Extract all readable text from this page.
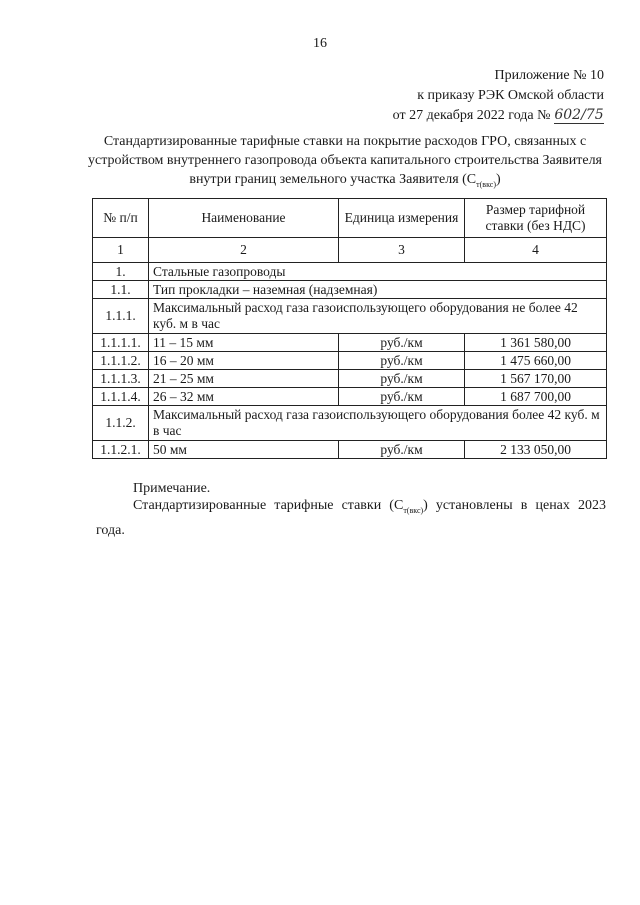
16
Приложение № 10
к приказу РЭК Омской области
от 27 декабря 2022 года № 602/75
Стандартизированные тарифные ставки на покрытие расходов ГРО, связанных с устройством внутреннего газопровода объекта капитального строительства Заявителя внутри границ земельного участка Заявителя $(C_{т(вкс)})$
№ п/п	Наименование	Единица измерения	Размер тарифной ставки (без НДС)
1	2	3	4
1.	Стальные газопроводы		
1.1.	Тип прокладки – наземная (надземная)		
1.1.1.	Максимальный расход газа газоиспользующего оборудования не более 42 куб. м в час		
1.1.1.1.	11 – 15 мм	руб./км	1 361 580,00
1.1.1.2.	16 – 20 мм	руб./км	1 475 660,00
1.1.1.3.	21 – 25 мм	руб./км	1 567 170,00
1.1.1.4.	26 – 32 мм	руб./км	1 687 700,00
1.1.2.	Максимальный расход газа газоиспользующего оборудования более 42 куб. м в час		
1.1.2.1.	50 мм	руб./км	2 133 050,00
Примечание.
Стандартизированные тарифные ставки $(C_{т(вкс)})$ установлены в ценах 2023 года.
